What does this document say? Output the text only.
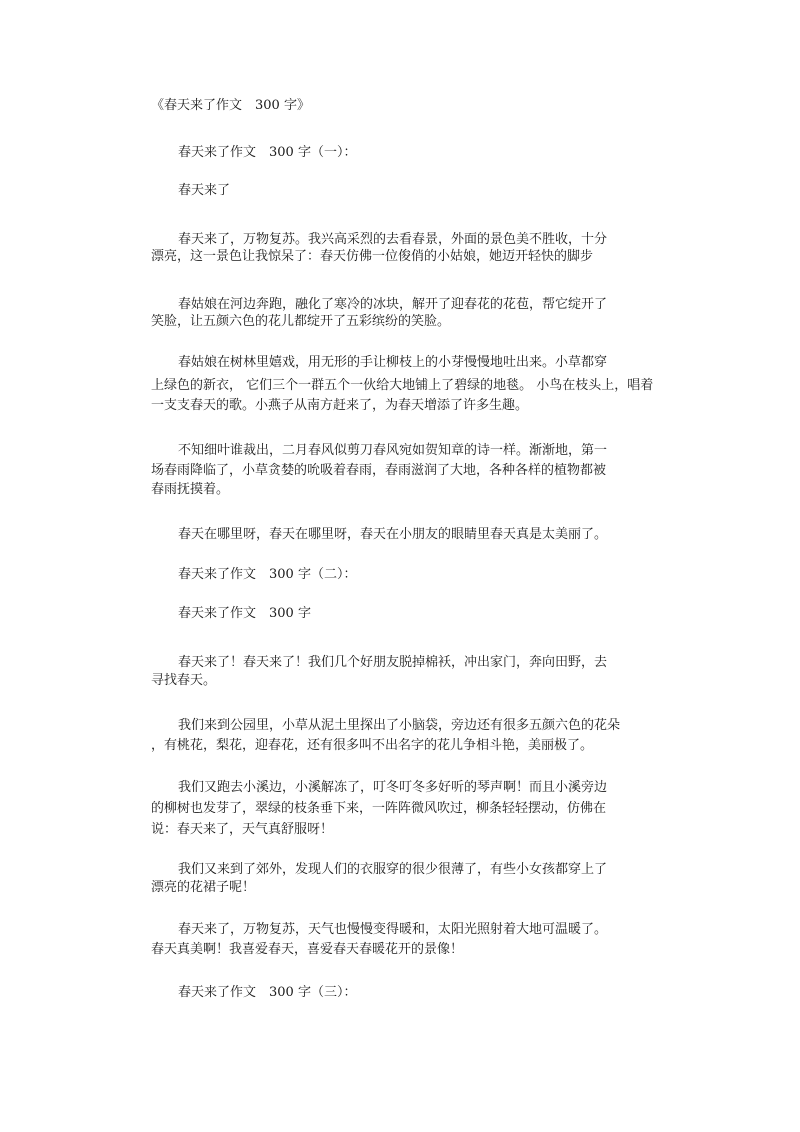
《春天来了作文　300 字》

春天来了作文　300 字（一）：

春天来了

春天来了，万物复苏。我兴高采烈的去看春景，外面的景色美不胜收，十分

漂亮，这一景色让我惊呆了：春天仿佛一位俊俏的小姑娘，她迈开轻快的脚步

春姑娘在河边奔跑，融化了寒冷的冰块，解开了迎春花的花苞，帮它绽开了

笑脸，让五颜六色的花儿都绽开了五彩缤纷的笑脸。

春姑娘在树林里嬉戏，用无形的手让柳枝上的小芽慢慢地吐出来。小草都穿

上绿色的新衣， 它们三个一群五个一伙给大地铺上了碧绿的地毯。 小鸟在枝头上，唱着

一支支春天的歌。小燕子从南方赶来了，为春天增添了许多生趣。

不知细叶谁裁出，二月春风似剪刀春风宛如贺知章的诗一样。渐渐地，第一

场春雨降临了，小草贪婪的吮吸着春雨，春雨滋润了大地，各种各样的植物都被

春雨抚摸着。

春天在哪里呀，春天在哪里呀，春天在小朋友的眼睛里春天真是太美丽了。

春天来了作文　300 字（二）：

春天来了作文　300 字

春天来了！春天来了！我们几个好朋友脱掉棉袄，冲出家门，奔向田野，去

寻找春天。

我们来到公园里，小草从泥土里探出了小脑袋，旁边还有很多五颜六色的花朵

，有桃花，梨花，迎春花，还有很多叫不出名字的花儿争相斗艳，美丽极了。

我们又跑去小溪边，小溪解冻了，叮冬叮冬多好听的琴声啊！而且小溪旁边

的柳树也发芽了，翠绿的枝条垂下来，一阵阵微风吹过，柳条轻轻摆动，仿佛在

说：春天来了，天气真舒服呀！

我们又来到了郊外，发现人们的衣服穿的很少很薄了，有些小女孩都穿上了

漂亮的花裙子呢！

春天来了，万物复苏，天气也慢慢变得暖和，太阳光照射着大地可温暖了。

春天真美啊！我喜爱春天，喜爱春天春暖花开的景像！

春天来了作文　300 字（三）：
